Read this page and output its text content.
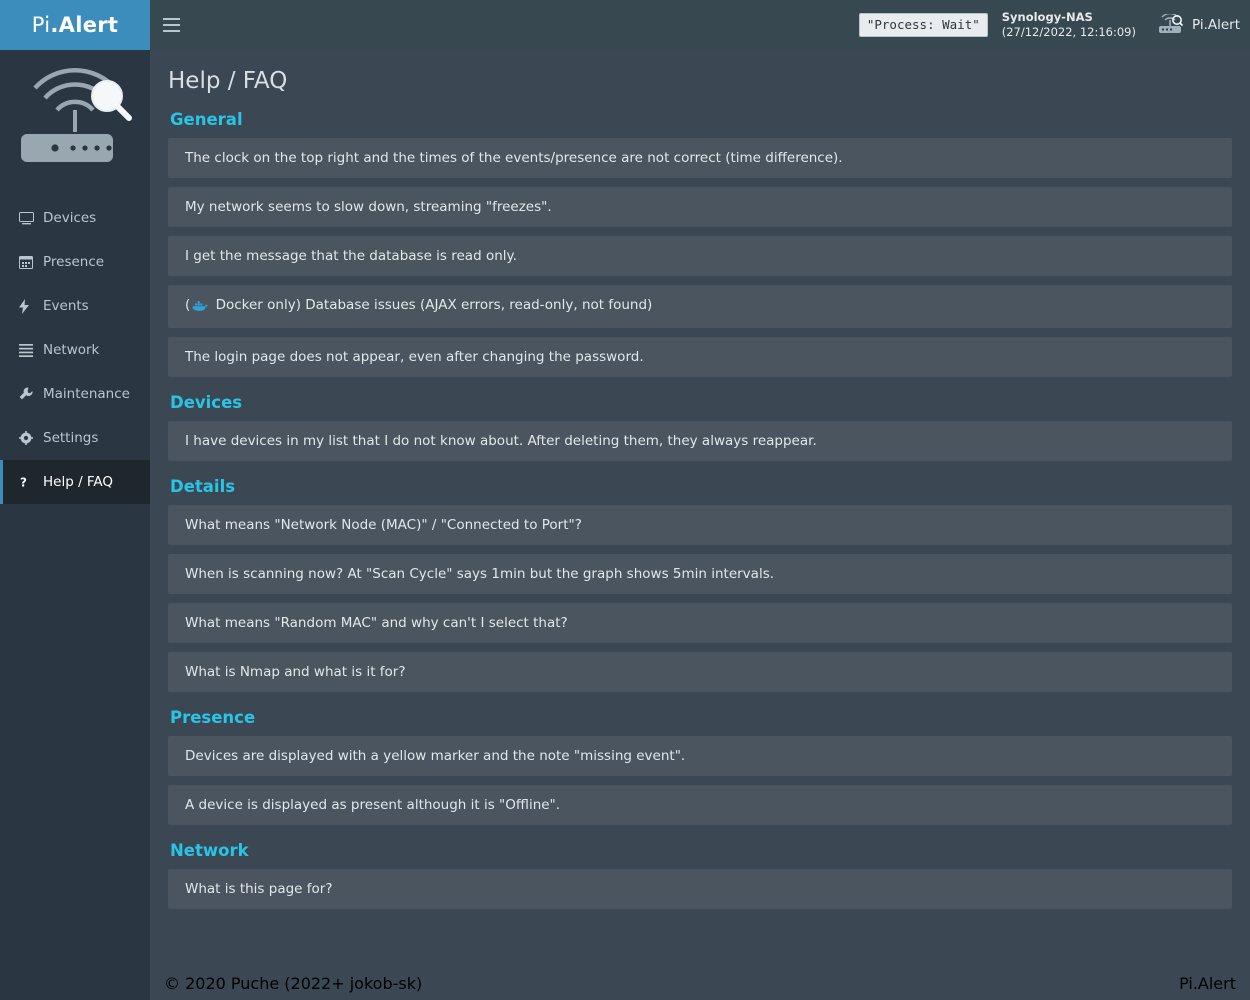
Pi .Alert	"Process: Wait"	Synology-NAS
(27/12/2022, 12:16:09)	Pi.Alert
Devices
Presence
Events
Network
Maintenance
Settings
? Help / FAQ
Help / FAQ
General
The clock on the top right and the times of the events/presence are not correct (time difference).
My network seems to slow down, streaming "freezes".
I get the message that the database is read only.
( Docker only) Database issues (AJAX errors, read-only, not found)
The login page does not appear, even after changing the password.
Devices
I have devices in my list that I do not know about. After deleting them, they always reappear.
Details
What means "Network Node (MAC)" / "Connected to Port"?
When is scanning now? At "Scan Cycle" says 1min but the graph shows 5min intervals.
What means "Random MAC" and why can't I select that?
What is Nmap and what is it for?
Presence
Devices are displayed with a yellow marker and the note "missing event".
A device is displayed as present although it is "Offline".
Network
What is this page for?
© 2020 Puche (2022+ jokob-sk)	Pi.Alert
